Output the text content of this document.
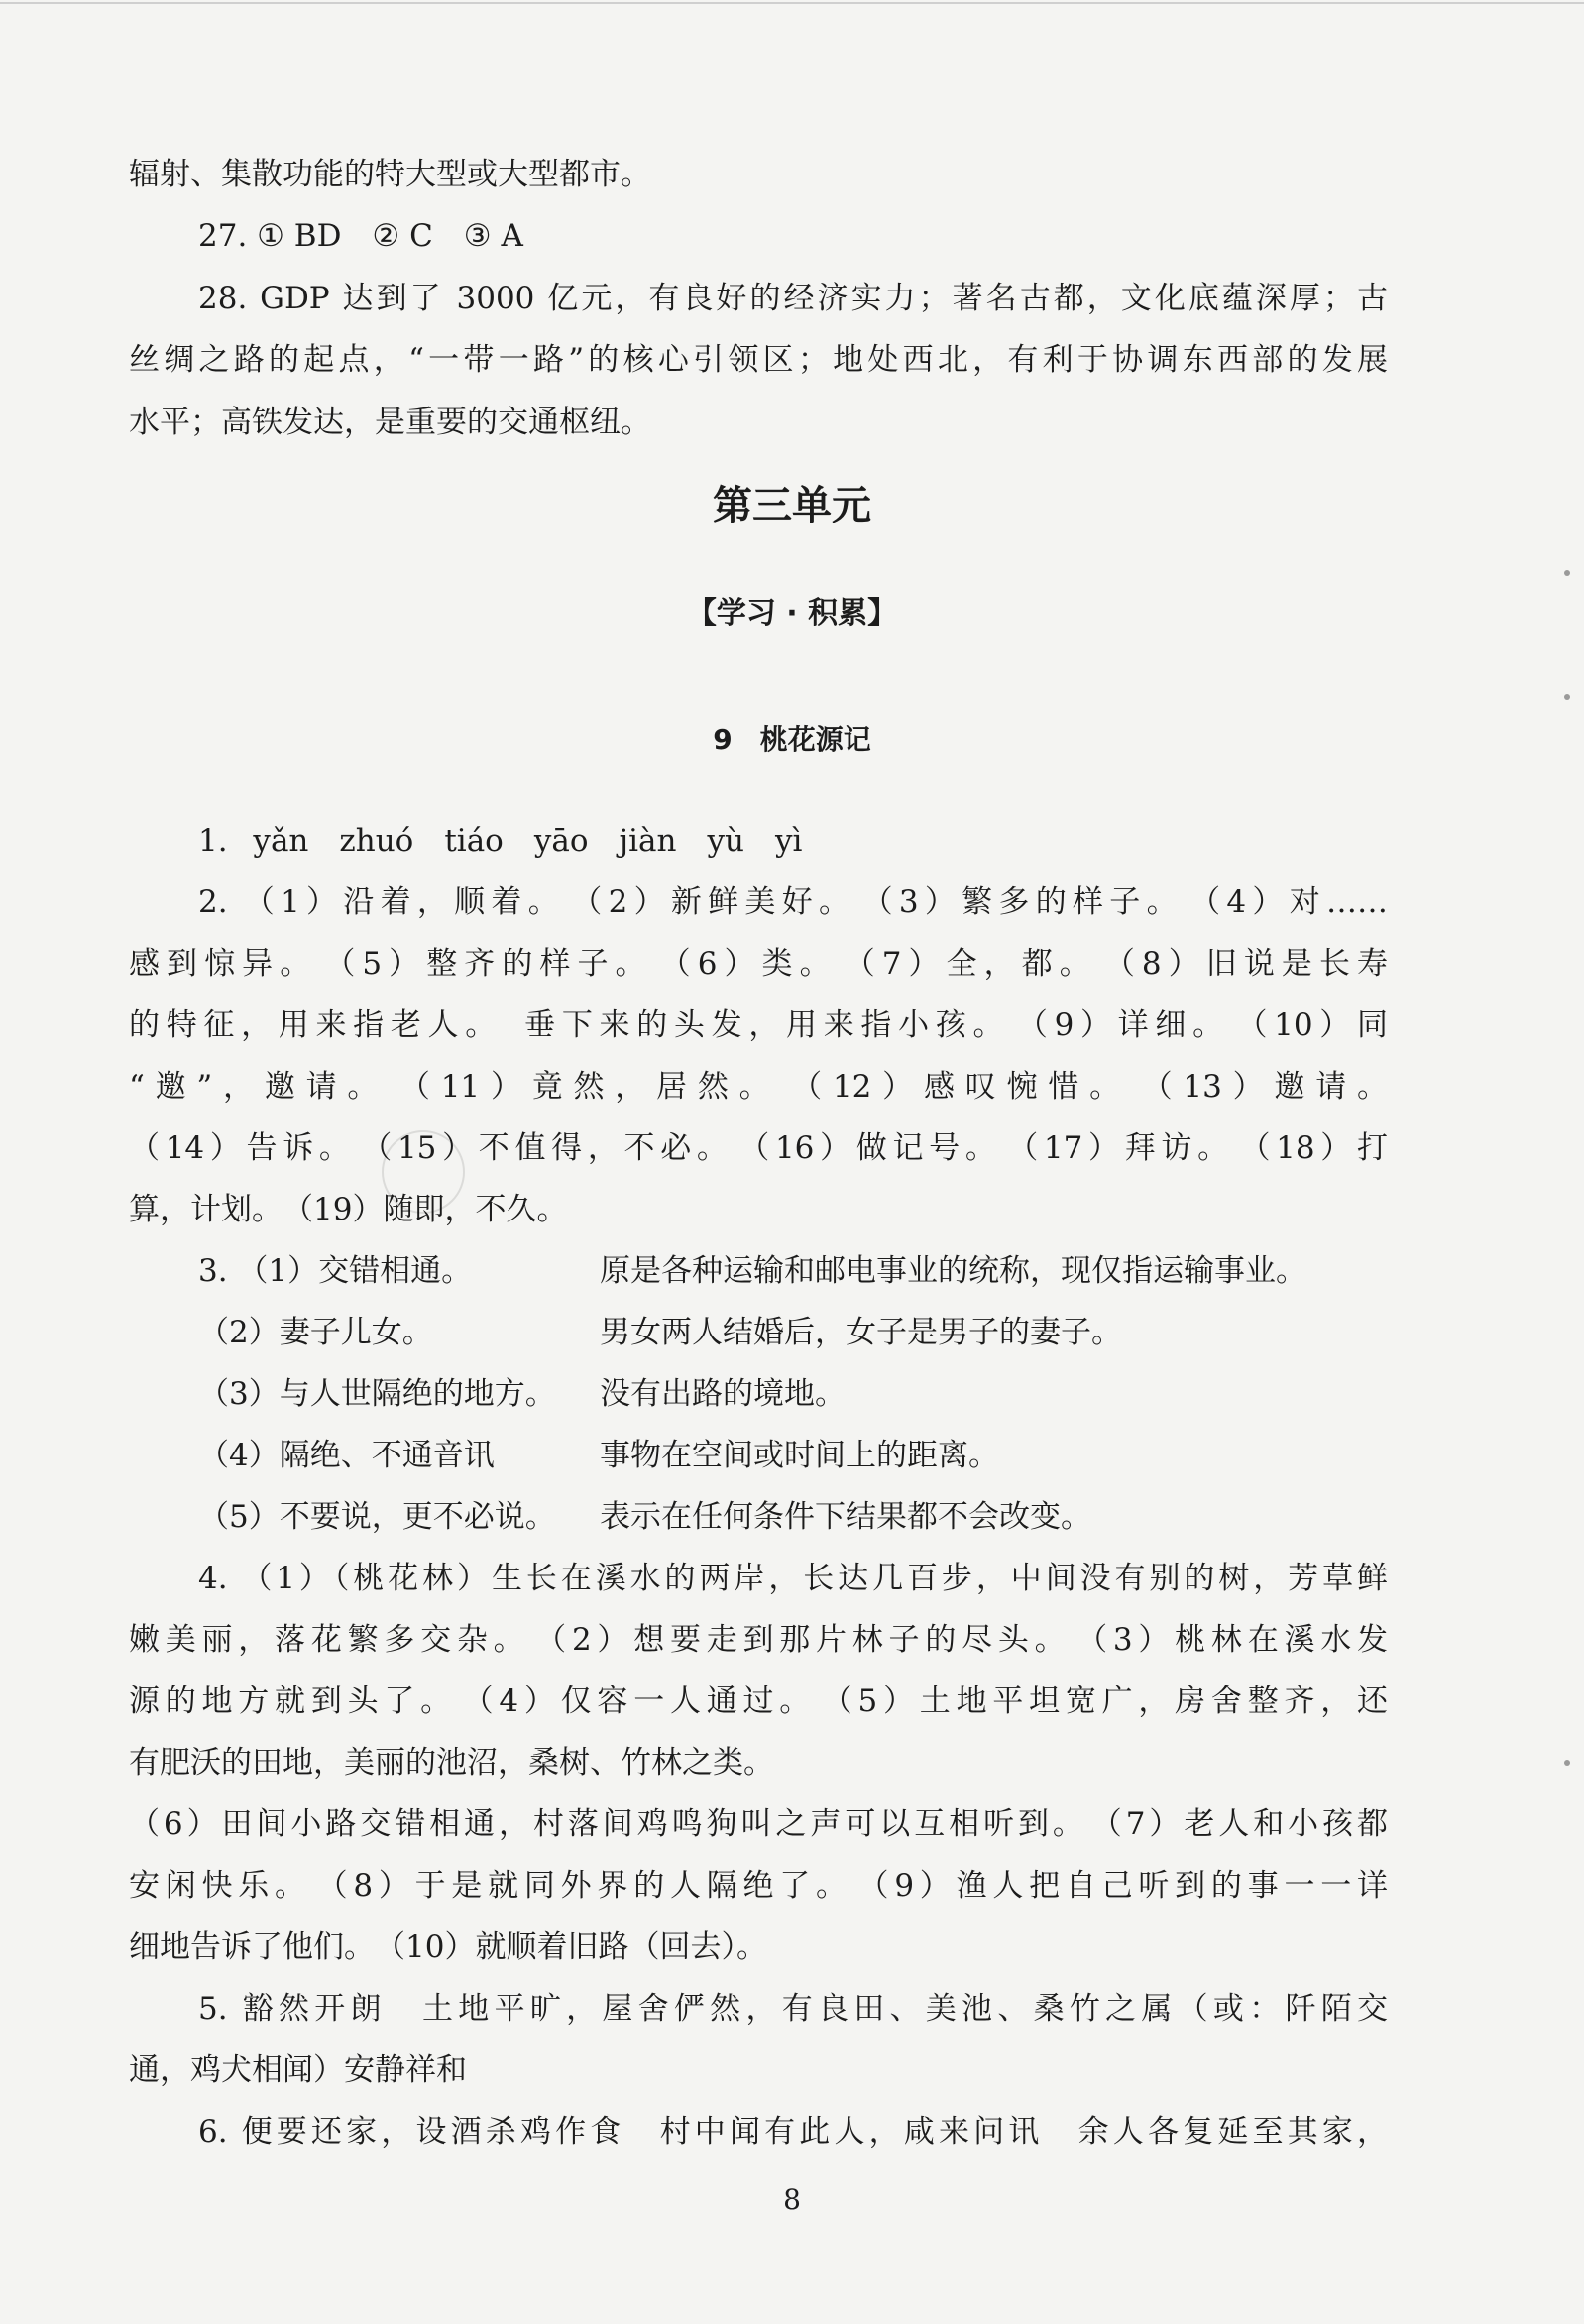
辐射、集散功能的特大型或大型都市。
27. ① BD　② C　③ A
28. GDP 达到了 3000 亿元，有良好的经济实力；著名古都，文化底蕴深厚；古
丝绸之路的起点，“一带一路”的核心引领区；地处西北，有利于协调东西部的发展
水平；高铁发达，是重要的交通枢纽。
第三单元
【学习 · 积累】
9　桃花源记
1. yǎn　zhuó　tiáo　yāo　jiàn　yù　yì
2. （1）沿着，顺着。　（2）新鲜美好。　（3）繁多的样子。　（4）对……
感到惊异。　（5）整齐的样子。　（6）类。　（7）全，都。　（8）旧说是长寿
的特征，用来指老人。　垂下来的头发，用来指小孩。　（9）详细。　（10）同
“邀”，邀请。　（11）竟然，居然。　（12）感叹惋惜。　（13）邀请。
（14）告诉。　（15）不值得，不必。　（16）做记号。　（17）拜访。　（18）打
算，计划。　（19）随即，不久。
3. （1）交错相通。	原是各种运输和邮电事业的统称，现仅指运输事业。
（2）妻子儿女。	男女两人结婚后，女子是男子的妻子。
（3）与人世隔绝的地方。 没有出路的境地。
（4）隔绝、不通音讯	事物在空间或时间上的距离。
（5）不要说，更不必说。 表示在任何条件下结果都不会改变。
4. （1）（桃花林）生长在溪水的两岸，长达几百步，中间没有别的树，芳草鲜
嫩美丽，落花繁多交杂。　（2）想要走到那片林子的尽头。　（3）桃林在溪水发
源的地方就到头了。　（4）仅容一人通过。　（5）土地平坦宽广，房舍整齐，还
有肥沃的田地，美丽的池沼，桑树、竹林之类。
（6）田间小路交错相通，村落间鸡鸣狗叫之声可以互相听到。　（7）老人和小孩都
安闲快乐。　（8）于是就同外界的人隔绝了。　（9）渔人把自己听到的事一一详
细地告诉了他们。　（10）就顺着旧路（回去）。
5. 豁然开朗　土地平旷，屋舍俨然，有良田、美池、桑竹之属（或：阡陌交
通，鸡犬相闻）安静祥和
6. 便要还家，设酒杀鸡作食　村中闻有此人，咸来问讯　余人各复延至其家，
8
